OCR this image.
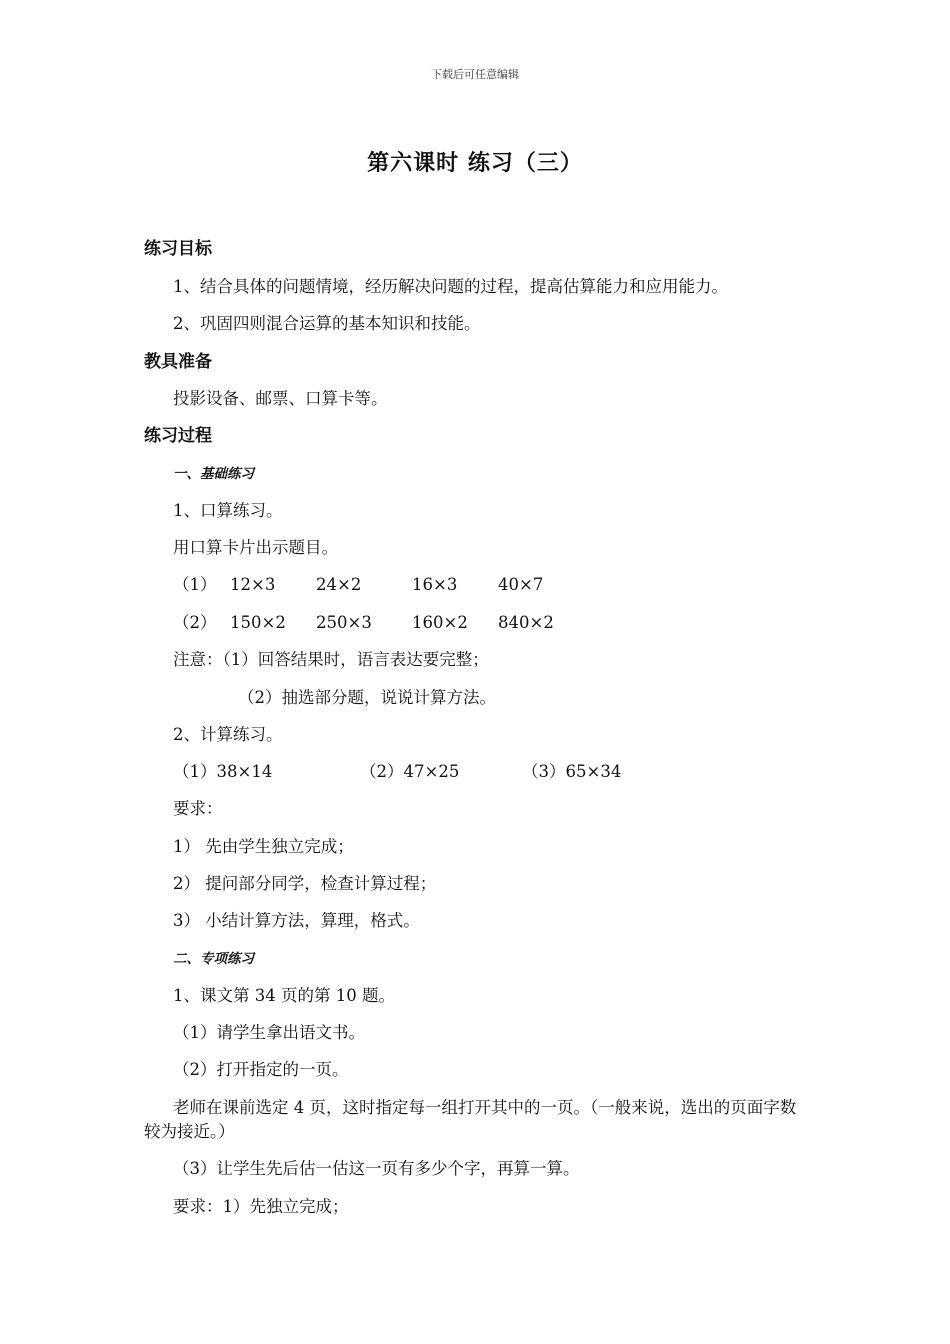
下载后可任意编辑
第六课时 练习（三）
练习目标
1、结合具体的问题情境，经历解决问题的过程，提高估算能力和应用能力。
2、巩固四则混合运算的基本知识和技能。
教具准备
投影设备、邮票、口算卡等。
练习过程
一、基础练习
1、口算练习。
用口算卡片出示题目。
（1） 12×3 24×2	16×3 40×7
（2） 150×2 250×3 160×2 840×2
注意：（1）回答结果时，语言表达要完整；
（2）抽选部分题，说说计算方法。
2、计算练习。
（1）38×14	（2）47×25	（3）65×34
要求：
1） 先由学生独立完成；
2） 提问部分同学，检查计算过程；
3） 小结计算方法，算理，格式。
二、专项练习
1、课文第 34 页的第 10 题。
（1）请学生拿出语文书。
（2）打开指定的一页。
老师在课前选定 4 页，这时指定每一组打开其中的一页。（一般来说，选出的页面字数较为接近。）
（3）让学生先后估一估这一页有多少个字，再算一算。
要求：1）先独立完成；
